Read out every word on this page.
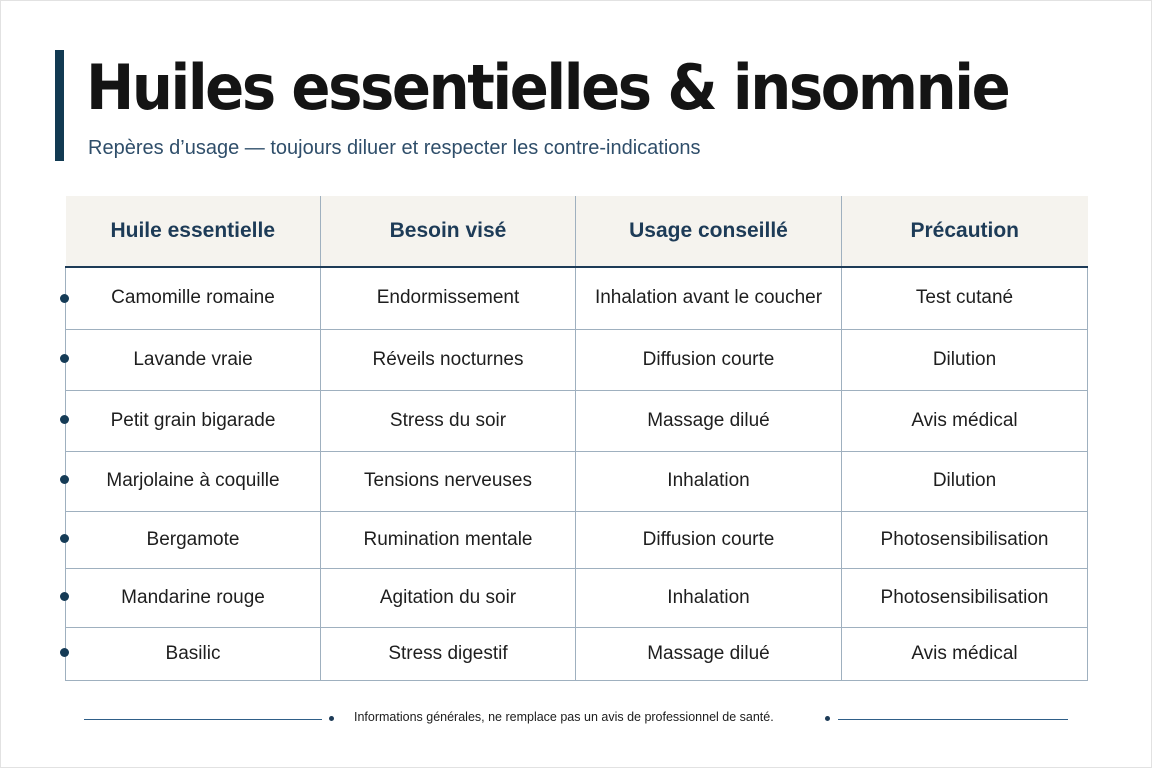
Huiles essentielles & insomnie
Repères d’usage — toujours diluer et respecter les contre-indications
Huile essentielle	Besoin visé	Usage conseillé	Précaution
Camomille romaine	Endormissement	Inhalation avant le coucher	Test cutané
Lavande vraie	Réveils nocturnes	Diffusion courte	Dilution
Petit grain bigarade	Stress du soir	Massage dilué	Avis médical
Marjolaine à coquille	Tensions nerveuses	Inhalation	Dilution
Bergamote	Rumination mentale	Diffusion courte	Photosensibilisation
Mandarine rouge	Agitation du soir	Inhalation	Photosensibilisation
Basilic	Stress digestif	Massage dilué	Avis médical
Informations générales, ne remplace pas un avis de professionnel de santé.
